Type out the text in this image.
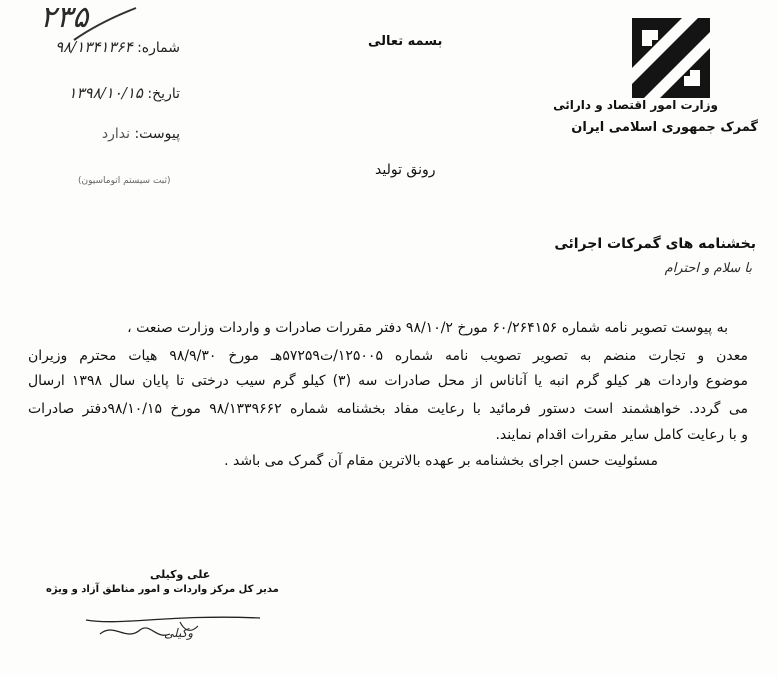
وزارت امور اقتصاد و دارائی
گمرک جمهوری اسلامی ایران
بسمه تعالی
۲۳۵
شماره: ۹۸/۱۳۴۱۳۶۴
تاریخ: ۱۳۹۸/۱۰/۱۵
پیوست: ندارد
(ثبت سیستم اتوماسیون)
رونق تولید
بخشنامه های گمرکات اجرائی
با سلام و احترام
به پیوست تصویر نامه شماره ۶۰/۲۶۴۱۵۶ مورخ ۹۸/۱۰/۲ دفتر مقررات صادرات و واردات وزارت صنعت ،
معدن و تجارت منضم به تصویر تصویب نامه شماره ۱۲۵۰۰۵/ت۵۷۲۵۹هـ مورخ ۹۸/۹/۳۰ هیات محترم وزیران
موضوع واردات هر کیلو گرم انبه یا آناناس از محل صادرات سه (۳) کیلو گرم سیب درختی تا پایان سال ۱۳۹۸ ارسال
می گردد. خواهشمند است دستور فرمائید با رعایت مفاد بخشنامه شماره ۹۸/۱۳۳۹۶۶۲ مورخ ۹۸/۱۰/۱۵دفتر صادرات
و با رعایت کامل سایر مقررات اقدام نمایند.
مسئولیت حسن اجرای بخشنامه بر عهده بالاترین مقام آن گمرک می باشد .
علی وکیلی
مدیر کل مرکز واردات و امور مناطق آزاد و ویژه
وکیلی
